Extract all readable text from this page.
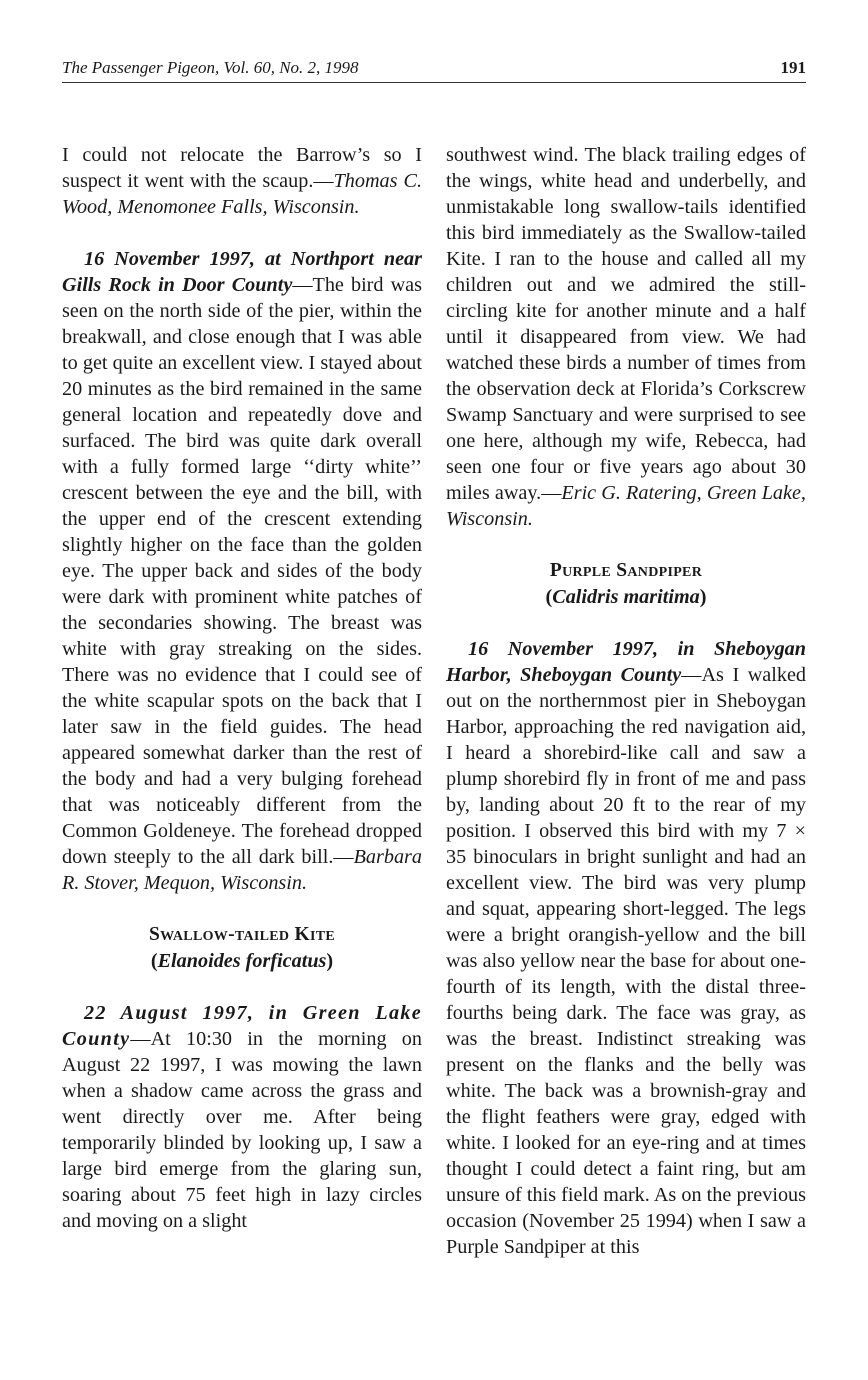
The Passenger Pigeon, Vol. 60, No. 2, 1998	191

I could not relocate the Barrow’s so I suspect it went with the scaup.—Thomas C. Wood, Menomonee Falls, Wisconsin.

16 November 1997, at Northport near Gills Rock in Door County—The bird was seen on the north side of the pier, within the breakwall, and close enough that I was able to get quite an excellent view. I stayed about 20 minutes as the bird remained in the same general location and repeatedly dove and surfaced. The bird was quite dark overall with a fully formed large ‘‘dirty white’’ crescent between the eye and the bill, with the upper end of the crescent extending slightly higher on the face than the golden eye. The upper back and sides of the body were dark with prominent white patches of the secondaries showing. The breast was white with gray streaking on the sides. There was no evidence that I could see of the white scapular spots on the back that I later saw in the field guides. The head appeared somewhat darker than the rest of the body and had a very bulging forehead that was noticeably different from the Common Goldeneye. The forehead dropped down steeply to the all dark bill.—Barbara R. Stover, Mequon, Wisconsin.

Swallow-tailed Kite
(Elanoides forficatus)

22 August 1997, in Green Lake County—At 10:30 in the morning on August 22 1997, I was mowing the lawn when a shadow came across the grass and went directly over me. After being temporarily blinded by looking up, I saw a large bird emerge from the glaring sun, soaring about 75 feet high in lazy circles and moving on a slight

southwest wind. The black trailing edges of the wings, white head and underbelly, and unmistakable long swallow-tails identified this bird immediately as the Swallow-tailed Kite. I ran to the house and called all my children out and we admired the still-circling kite for another minute and a half until it disappeared from view. We had watched these birds a number of times from the observation deck at Florida’s Corkscrew Swamp Sanctuary and were surprised to see one here, although my wife, Rebecca, had seen one four or five years ago about 30 miles away.—Eric G. Ratering, Green Lake, Wisconsin.

Purple Sandpiper
(Calidris maritima)

16 November 1997, in Sheboygan Harbor, Sheboygan County—As I walked out on the northernmost pier in Sheboygan Harbor, approaching the red navigation aid, I heard a shorebird-like call and saw a plump shorebird fly in front of me and pass by, landing about 20 ft to the rear of my position. I observed this bird with my 7 × 35 binoculars in bright sunlight and had an excellent view. The bird was very plump and squat, appearing short-legged. The legs were a bright orangish-yellow and the bill was also yellow near the base for about one-fourth of its length, with the distal three-fourths being dark. The face was gray, as was the breast. Indistinct streaking was present on the flanks and the belly was white. The back was a brownish-gray and the flight feathers were gray, edged with white. I looked for an eye-ring and at times thought I could detect a faint ring, but am unsure of this field mark. As on the previous occasion (November 25 1994) when I saw a Purple Sandpiper at this
